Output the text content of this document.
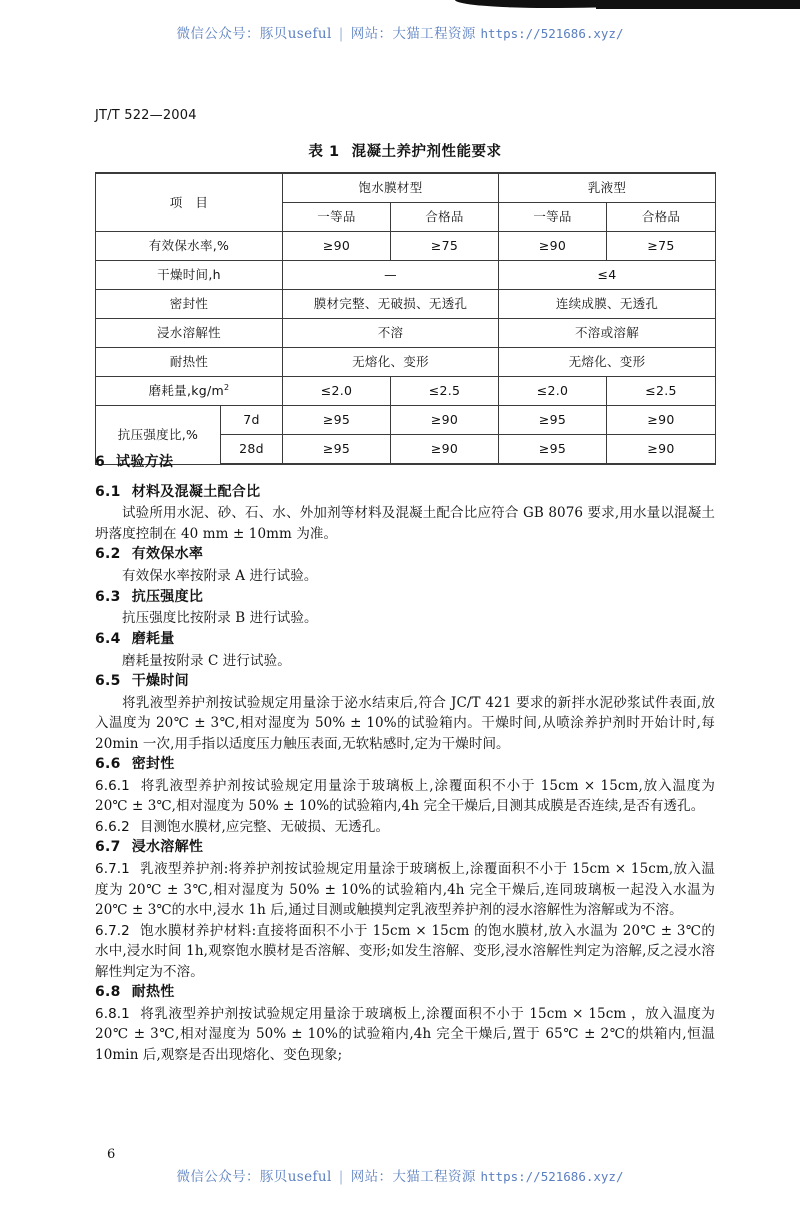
微信公众号：豚贝useful | 网站：大猫工程资源 https://521686.xyz/
JT/T 522—2004
表 1 混凝土养护剂性能要求
项　目		饱水膜材型		乳液型	
		一等品	合格品	一等品	合格品
有效保水率,%		≥90	≥75	≥90	≥75
干燥时间,h		—		≤4	
密封性		膜材完整、无破损、无透孔		连续成膜、无透孔	
浸水溶解性		不溶		不溶或溶解	
耐热性		无熔化、变形		无熔化、变形	
磨耗量$,kg/m^2$		≤2.0	≤2.5	≤2.0	≤2.5
抗压强度比,%	7d	≥95	≥90	≥95	≥90
	28d	≥95	≥90	≥95	≥90
6 试验方法
6.1 材料及混凝土配合比

试验所用水泥、砂、石、水、外加剂等材料及混凝土配合比应符合 GB 8076 要求,用水量以混凝土坍落度控制在 40 mm ± 10mm 为准。

6.2 有效保水率

有效保水率按附录 A 进行试验。

6.3 抗压强度比

抗压强度比按附录 B 进行试验。

6.4 磨耗量

磨耗量按附录 C 进行试验。

6.5 干燥时间

将乳液型养护剂按试验规定用量涂于泌水结束后,符合 JC/T 421 要求的新拌水泥砂浆试件表面,放入温度为 20℃ ± 3℃,相对湿度为 50% ± 10%的试验箱内。干燥时间,从喷涂养护剂时开始计时,每 20min 一次,用手指以适度压力触压表面,无软粘感时,定为干燥时间。

6.6 密封性

6.6.1 将乳液型养护剂按试验规定用量涂于玻璃板上,涂覆面积不小于 15cm × 15cm,放入温度为 20℃ ± 3℃,相对湿度为 50% ± 10%的试验箱内,4h 完全干燥后,目测其成膜是否连续,是否有透孔。

6.6.2 目测饱水膜材,应完整、无破损、无透孔。

6.7 浸水溶解性

6.7.1 乳液型养护剂:将养护剂按试验规定用量涂于玻璃板上,涂覆面积不小于 15cm × 15cm,放入温度为 20℃ ± 3℃,相对湿度为 50% ± 10%的试验箱内,4h 完全干燥后,连同玻璃板一起没入水温为 20℃ ± 3℃的水中,浸水 1h 后,通过目测或触摸判定乳液型养护剂的浸水溶解性为溶解或为不溶。

6.7.2 饱水膜材养护材料:直接将面积不小于 15cm × 15cm 的饱水膜材,放入水温为 20℃ ± 3℃的水中,浸水时间 1h,观察饱水膜材是否溶解、变形;如发生溶解、变形,浸水溶解性判定为溶解,反之浸水溶解性判定为不溶。

6.8 耐热性

6.8.1 将乳液型养护剂按试验规定用量涂于玻璃板上,涂覆面积不小于 15cm × 15cm ，放入温度为 20℃ ± 3℃,相对湿度为 50% ± 10%的试验箱内,4h 完全干燥后,置于 65℃ ± 2℃的烘箱内,恒温 10min 后,观察是否出现熔化、变色现象;

6
微信公众号：豚贝useful | 网站：大猫工程资源 https://521686.xyz/
